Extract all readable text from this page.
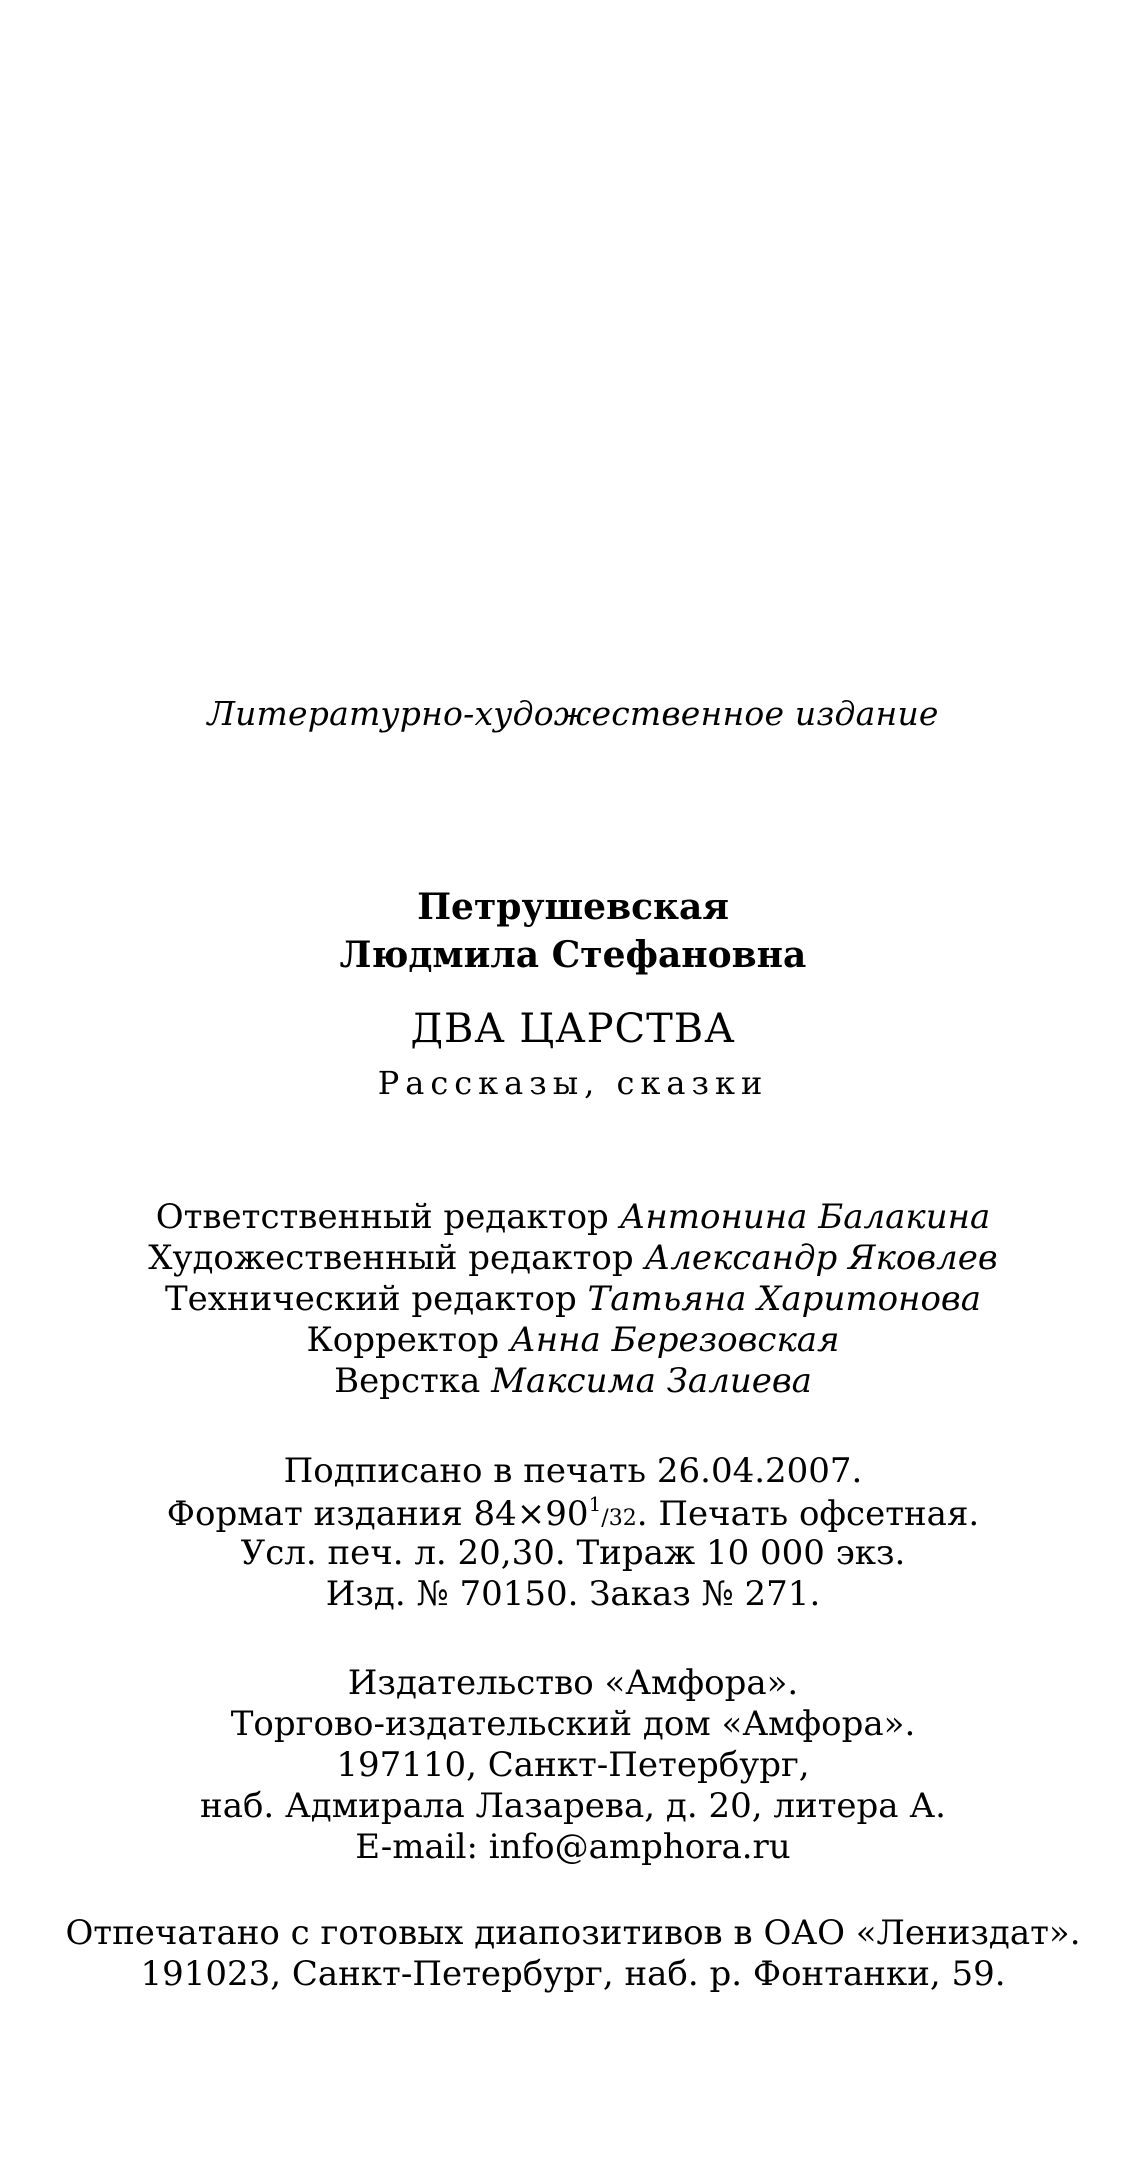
Литературно-художественное издание
Петрушевская
Людмила Стефановна
ДВА ЦАРСТВА
Рассказы, сказки
Ответственный редактор Антонина Балакина
Художественный редактор Александр Яковлев
Технический редактор Татьяна Харитонова
Корректор Анна Березовская
Верстка Максима Залиева
Подписано в печать 26.04.2007.
Формат издания $84\times 90^1/32$. Печать офсетная.
Усл. печ. л. 20,30. Тираж 10 000 экз.
Изд. № 70150. Заказ № 271.
Издательство «Амфора».
Торгово-издательский дом «Амфора».
197110, Санкт-Петербург,
наб. Адмирала Лазарева, д. 20, литера А.
E-mail: info@amphora.ru
Отпечатано с готовых диапозитивов в ОАО «Лениздат».
191023, Санкт-Петербург, наб. р. Фонтанки, 59.
